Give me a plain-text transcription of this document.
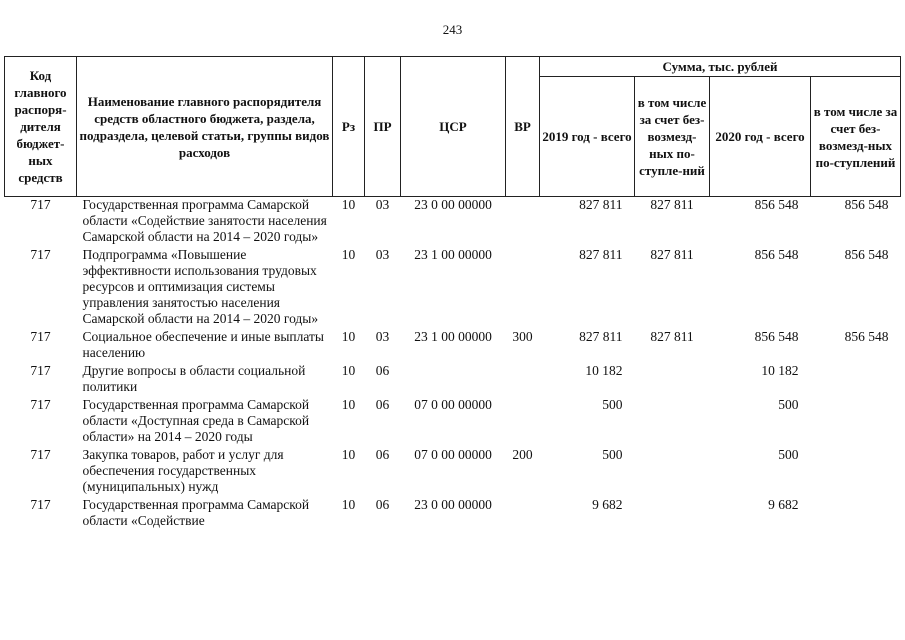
243
Код главного распоря-дителя бюджет-ных средств	Наименование главного распорядителя средств областного бюджета, раздела, подраздела, целевой статьи, группы видов расходов	Рз	ПР	ЦСР	ВР	Сумма, тыс. рублей			
						2019 год - всего	в том числе за счет без-возмезд-ных по-ступле-ний	2020 год - всего	в том числе за счет без-возмезд-ных по-ступлений
717	Государственная программа Самарской области «Содействие занятости населения Самарской области на 2014 – 2020 годы»	10	03	23 0 00 00000		827 811	827 811	856 548	856 548
717	Подпрограмма «Повышение эффективности использования трудовых ресурсов и оптимизация системы управления занятостью населения Самарской области на 2014 – 2020 годы»	10	03	23 1 00 00000		827 811	827 811	856 548	856 548
717	Социальное обеспечение и иные выплаты населению	10	03	23 1 00 00000	300	827 811	827 811	856 548	856 548
717	Другие вопросы в области социальной политики	10	06			10 182		10 182	
717	Государственная программа Самарской области «Доступная среда в Самарской области» на 2014 – 2020 годы	10	06	07 0 00 00000		500		500	
717	Закупка товаров, работ и услуг для обеспечения государственных (муниципальных) нужд	10	06	07 0 00 00000	200	500		500	
717	Государственная программа Самарской области «Содействие	10	06	23 0 00 00000		9 682		9 682	
